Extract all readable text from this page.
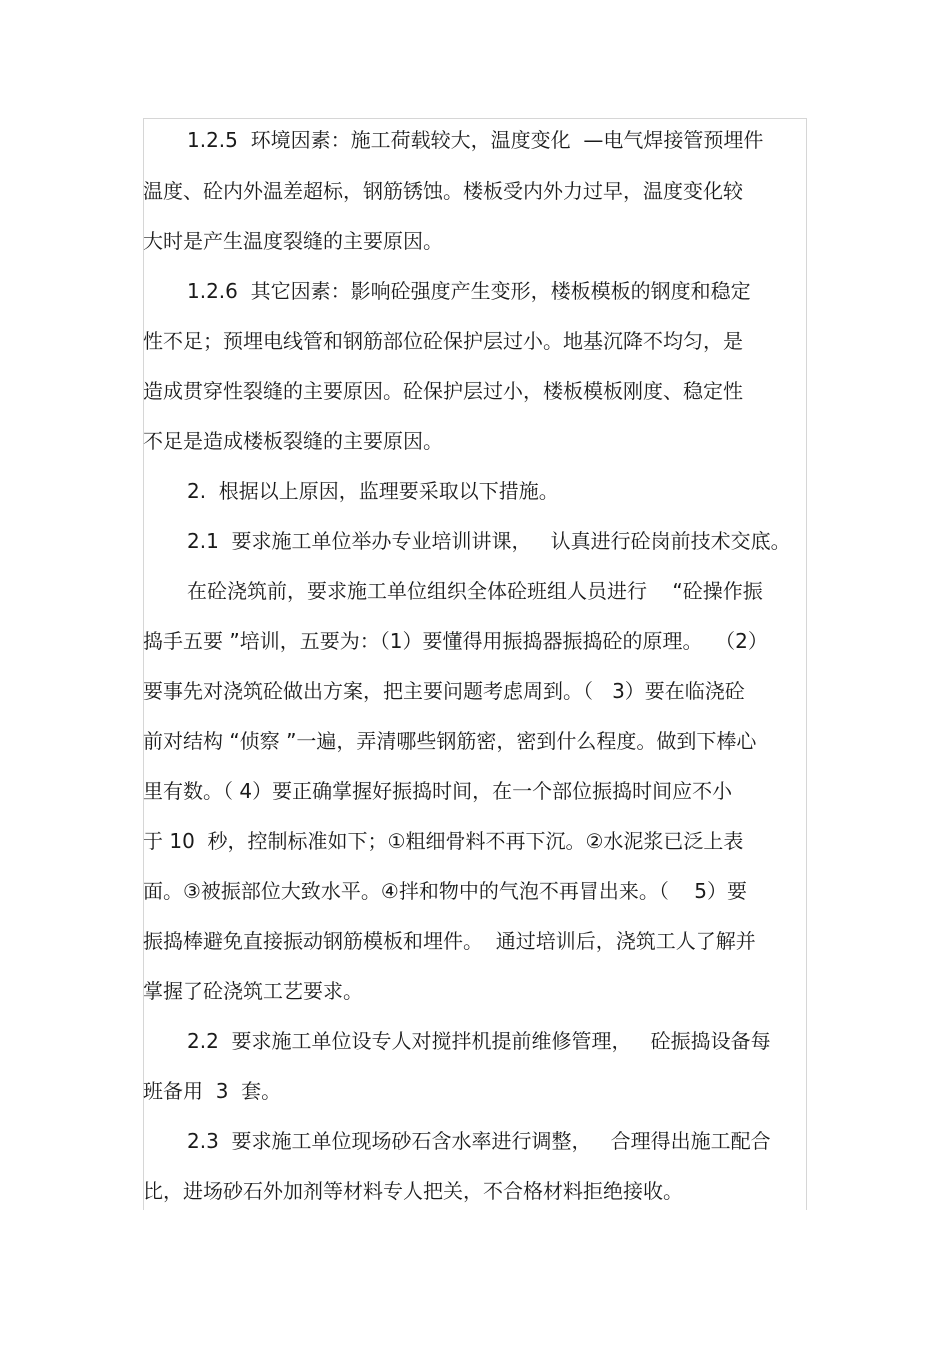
1.2.5  环境因素：施工荷载较大，温度变化  —电气焊接管预埋件
温度、砼内外温差超标，钢筋锈蚀。楼板受内外力过早，温度变化较
大时是产生温度裂缝的主要原因。
1.2.6  其它因素：影响砼强度产生变形，楼板模板的钢度和稳定
性不足；预埋电线管和钢筋部位砼保护层过小。地基沉降不均匀，是
造成贯穿性裂缝的主要原因。砼保护层过小，楼板模板刚度、稳定性
不足是造成楼板裂缝的主要原因。
2.  根据以上原因，监理要采取以下措施。
2.1  要求施工单位举办专业培训讲课，   认真进行砼岗前技术交底。
在砼浇筑前，要求施工单位组织全体砼班组人员进行    “砼操作振
捣手五要 ”培训，五要为：（1）要懂得用振捣器振捣砼的原理。  （2）
要事先对浇筑砼做出方案，把主要问题考虑周到。（   3）要在临浇砼
前对结构 “侦察 ”一遍，弄清哪些钢筋密，密到什么程度。做到下棒心
里有数。（ 4）要正确掌握好振捣时间，在一个部位振捣时间应不小
于 10  秒，控制标准如下；①粗细骨料不再下沉。②水泥浆已泛上表
面。③被振部位大致水平。④拌和物中的气泡不再冒出来。（    5）要
振捣棒避免直接振动钢筋模板和埋件。  通过培训后，浇筑工人了解并
掌握了砼浇筑工艺要求。
2.2  要求施工单位设专人对搅拌机提前维修管理，   砼振捣设备每
班备用  3  套。
2.3  要求施工单位现场砂石含水率进行调整，   合理得出施工配合
比，进场砂石外加剂等材料专人把关，不合格材料拒绝接收。
